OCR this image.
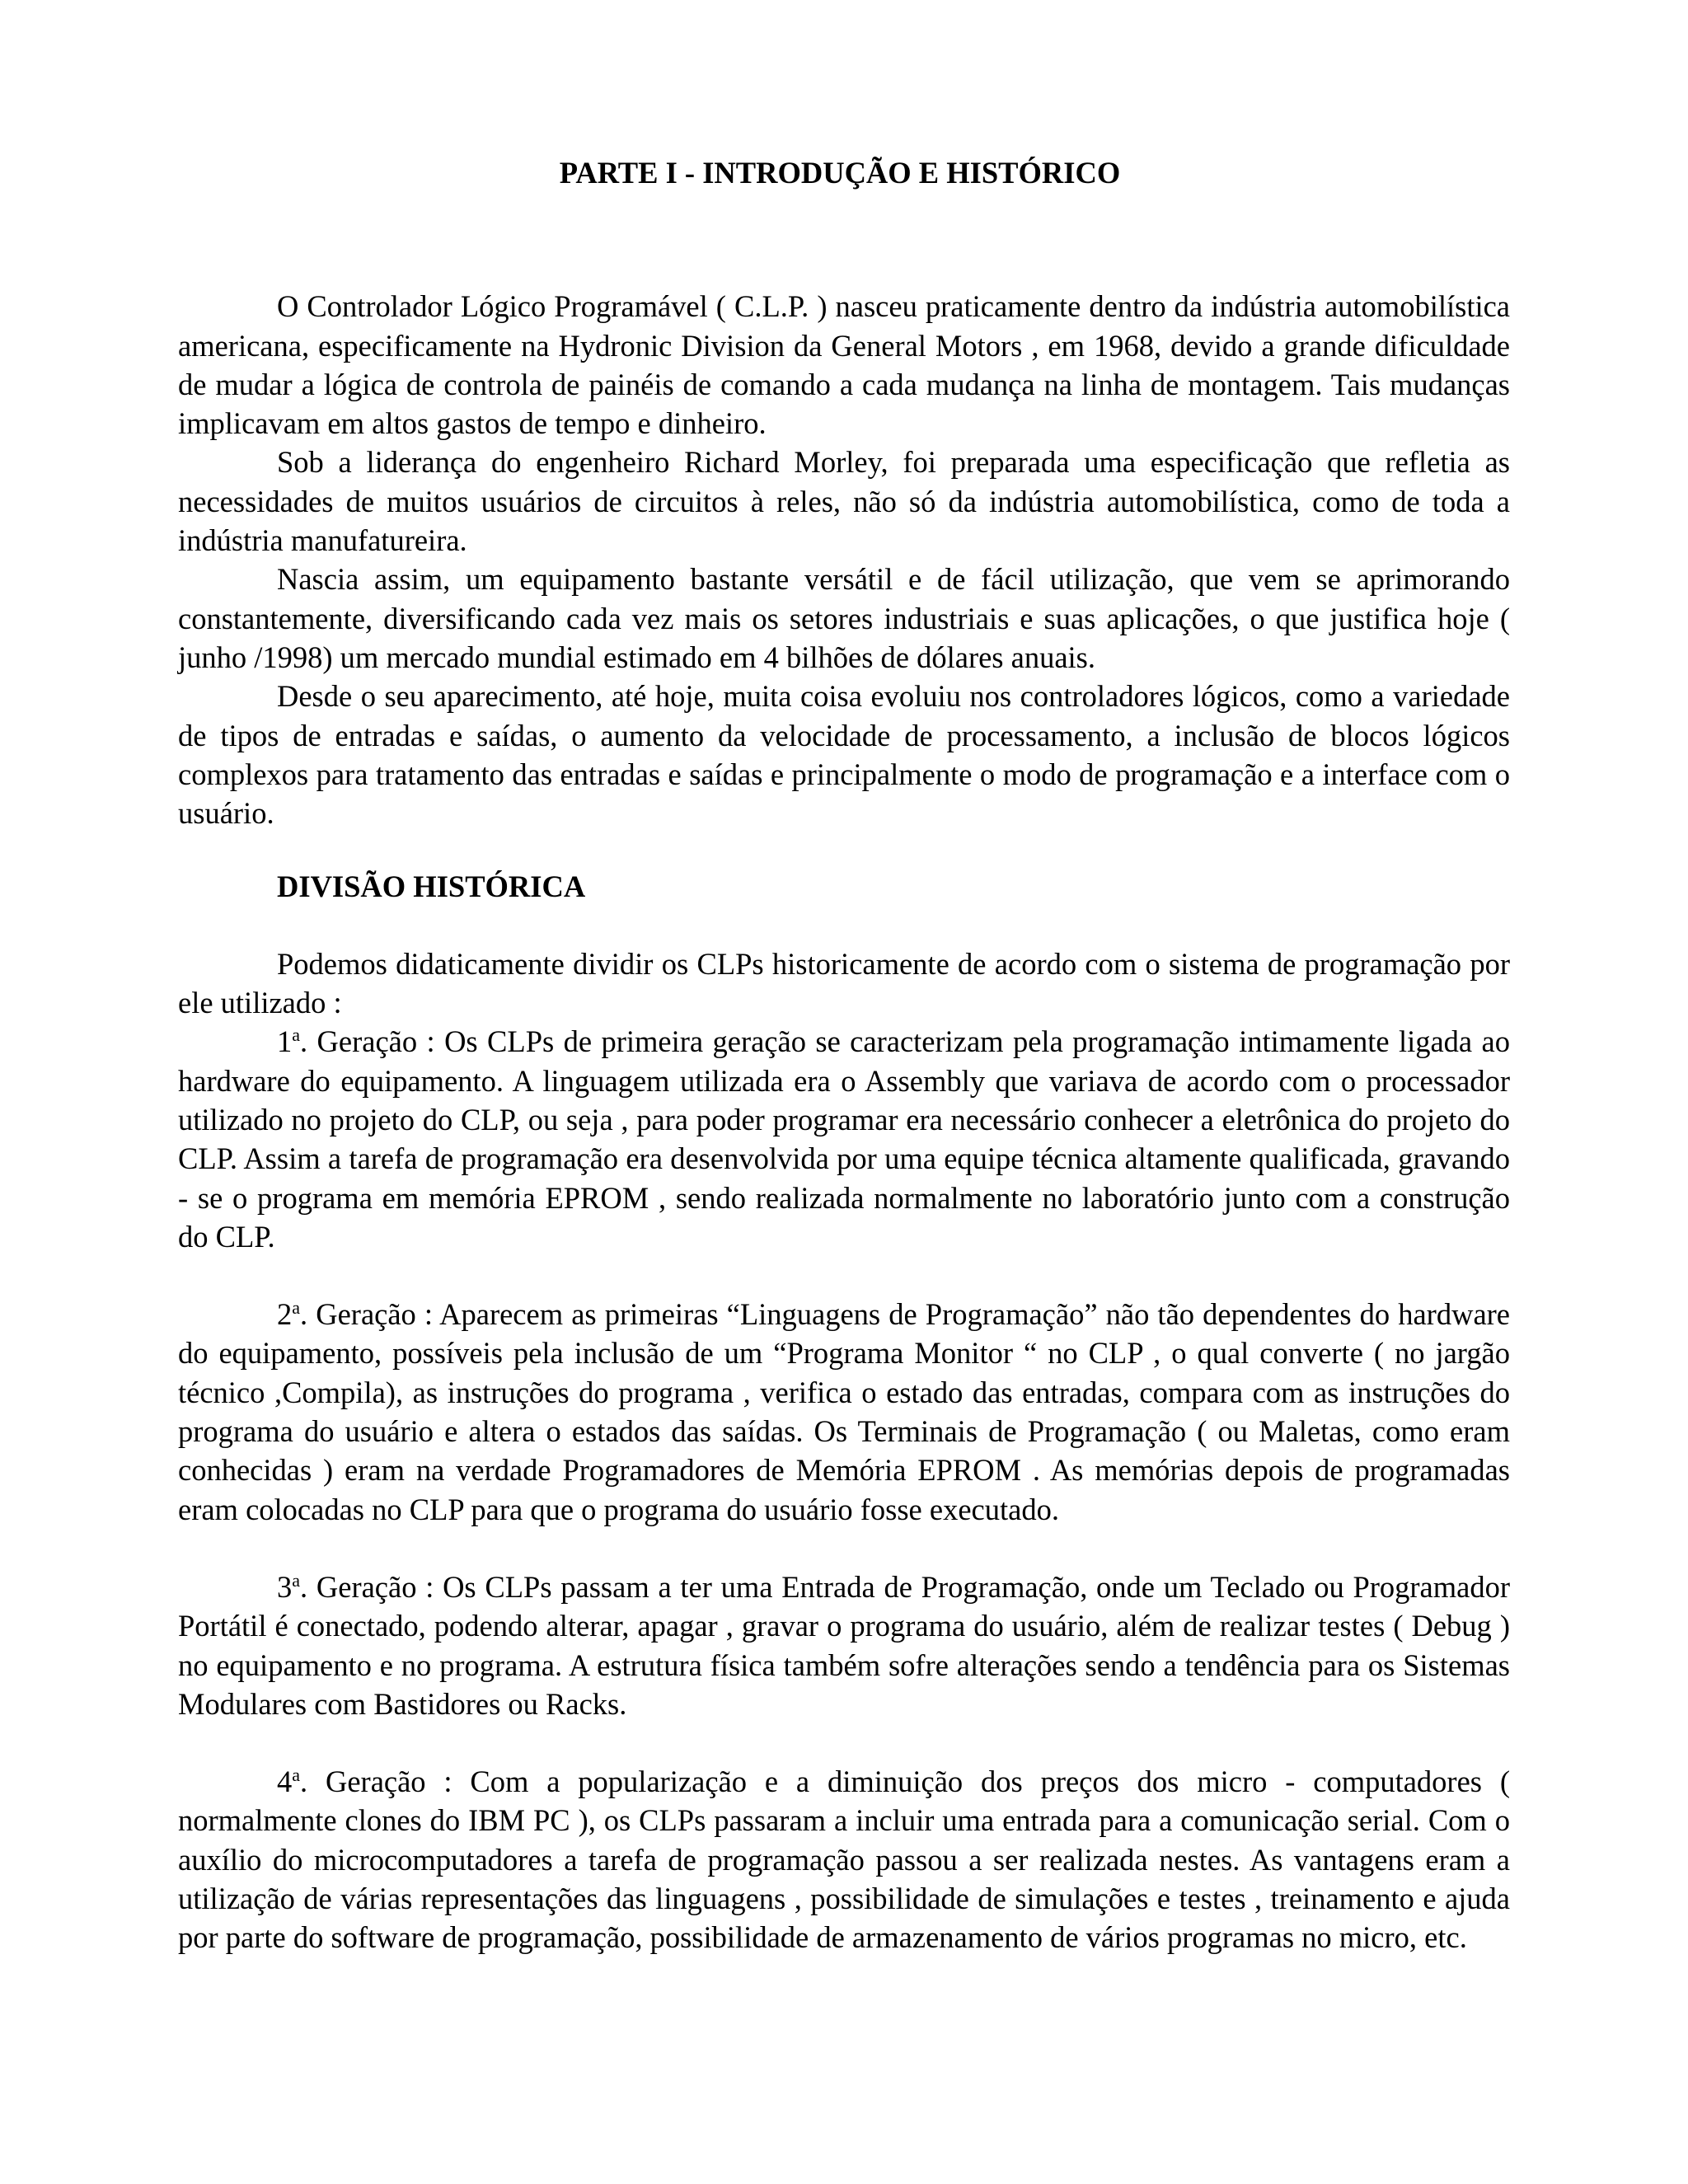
PARTE I - INTRODUÇÃO E HISTÓRICO

O Controlador Lógico Programável ( C.L.P. ) nasceu praticamente dentro da indústria automobilística americana, especificamente na Hydronic Division da General Motors , em 1968, devido a grande dificuldade de mudar a lógica de controla de painéis de comando a cada mudança na linha de montagem. Tais mudanças implicavam em altos gastos de tempo e dinheiro.

Sob a liderança do engenheiro Richard Morley, foi preparada uma especificação que refletia as necessidades de muitos usuários de circuitos à reles, não só da indústria automobilística, como de toda a indústria manufatureira.

Nascia assim, um equipamento bastante versátil e de fácil utilização, que vem se aprimorando constantemente, diversificando cada vez mais os setores industriais e suas aplicações, o que justifica hoje ( junho /1998) um mercado mundial estimado em 4 bilhões de dólares anuais.

Desde o seu aparecimento, até hoje, muita coisa evoluiu nos controladores lógicos, como a variedade de tipos de entradas e saídas, o aumento da velocidade de processamento, a inclusão de blocos lógicos complexos para tratamento das entradas e saídas e principalmente o modo de programação e a interface com o usuário.

DIVISÃO HISTÓRICA

Podemos didaticamente dividir os CLPs historicamente de acordo com o sistema de programação por ele utilizado :

1$^a$. Geração : Os CLPs de primeira geração se caracterizam pela programação intimamente ligada ao hardware do equipamento. A linguagem utilizada era o Assembly que variava de acordo com o processador utilizado no projeto do CLP, ou seja , para poder programar era necessário conhecer a eletrônica do projeto do CLP. Assim a tarefa de programação era desenvolvida por uma equipe técnica altamente qualificada, gravando - se o programa em memória EPROM , sendo realizada normalmente no laboratório junto com a construção do CLP.

2$^a$. Geração : Aparecem as primeiras “Linguagens de Programação” não tão dependentes do hardware do equipamento, possíveis pela inclusão de um “Programa Monitor “ no CLP , o qual converte ( no jargão técnico ,Compila), as instruções do programa , verifica o estado das entradas, compara com as instruções do programa do usuário e altera o estados das saídas. Os Terminais de Programação ( ou Maletas, como eram conhecidas ) eram na verdade Programadores de Memória EPROM . As memórias depois de programadas eram colocadas no CLP para que o programa do usuário fosse executado.

3$^a$. Geração : Os CLPs passam a ter uma Entrada de Programação, onde um Teclado ou Programador Portátil é conectado, podendo alterar, apagar , gravar o programa do usuário, além de realizar testes ( Debug ) no equipamento e no programa. A estrutura física também sofre alterações sendo a tendência para os Sistemas Modulares com Bastidores ou Racks.

4$^a$. Geração : Com a popularização e a diminuição dos preços dos micro - computadores ( normalmente clones do IBM PC ), os CLPs passaram a incluir uma entrada para a comunicação serial. Com o auxílio do microcomputadores a tarefa de programação passou a ser realizada nestes. As vantagens eram a utilização de várias representações das linguagens , possibilidade de simulações e testes , treinamento e ajuda por parte do software de programação, possibilidade de armazenamento de vários programas no micro, etc.
